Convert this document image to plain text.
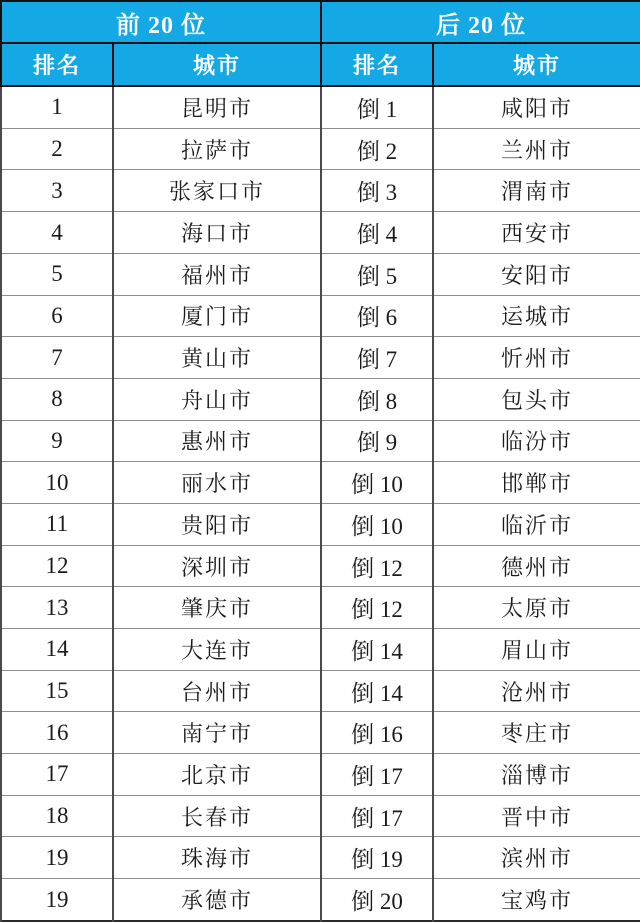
前 20 位		后 20 位	
排名	城市	排名	城市
1	昆明市	倒 1	咸阳市
2	拉萨市	倒 2	兰州市
3	张家口市	倒 3	渭南市
4	海口市	倒 4	西安市
5	福州市	倒 5	安阳市
6	厦门市	倒 6	运城市
7	黄山市	倒 7	忻州市
8	舟山市	倒 8	包头市
9	惠州市	倒 9	临汾市
10	丽水市	倒 10	邯郸市
11	贵阳市	倒 10	临沂市
12	深圳市	倒 12	德州市
13	肇庆市	倒 12	太原市
14	大连市	倒 14	眉山市
15	台州市	倒 14	沧州市
16	南宁市	倒 16	枣庄市
17	北京市	倒 17	淄博市
18	长春市	倒 17	晋中市
19	珠海市	倒 19	滨州市
19	承德市	倒 20	宝鸡市
